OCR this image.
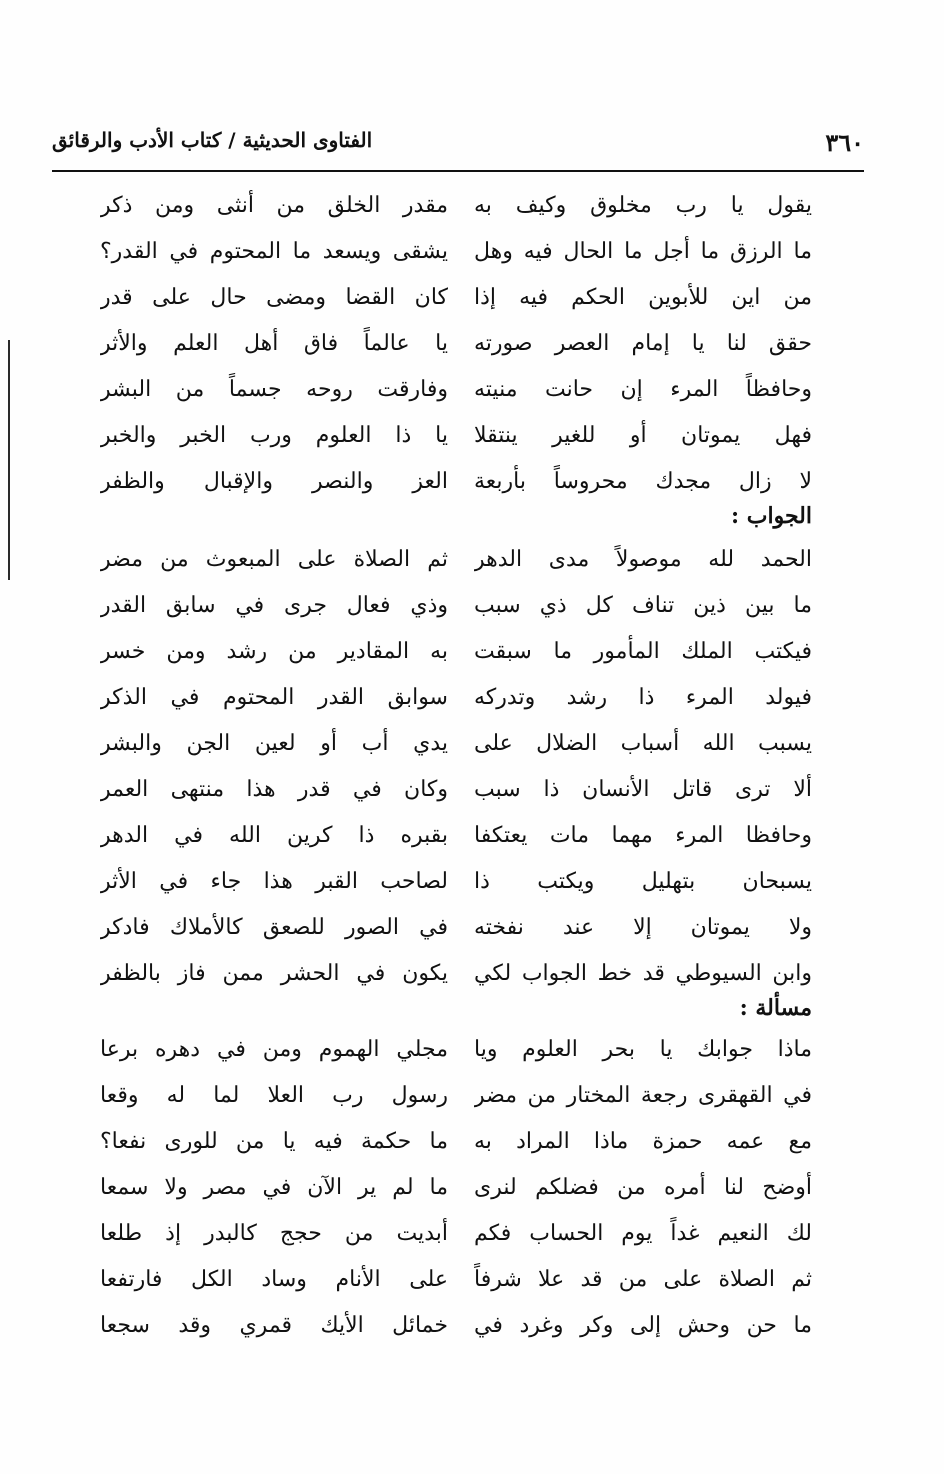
٣٦٠
الفتاوى الحديثية / كتاب الأدب والرقائق
يقول يا رب مخلوق وكيف به
مقدر الخلق من أنثى ومن ذكر
ما الرزق ما أجل ما الحال فيه وهل
يشقى ويسعد ما المحتوم في القدر؟
من اين للأبوين الحكم فيه إذا
كان القضا ومضى حال على قدر
حقق لنا يا إمام العصر صورته
يا عالماً فاق أهل العلم والأثر
وحافظاً المرء إن حانت منيته
وفارقت روحه جسماً من البشر
فهل يموتان أو للغير ينتقلا
يا ذا العلوم ورب الخبر والخبر
لا زال مجدك محروساً بأربعة
العز والنصر والإقبال والظفر
الجواب :
الحمد لله موصولاً مدى الدهر
ثم الصلاة على المبعوث من مضر
ما بين ذين تناف كل ذي سبب
وذي فعال جرى في سابق القدر
فيكتب الملك المأمور ما سبقت
به المقادير من رشد ومن خسر
فيولد المرء ذا رشد وتدركه
سوابق القدر المحتوم في الذكر
يسبب الله أسباب الضلال على
يدي أب أو لعين الجن والبشر
ألا ترى قاتل الأنسان ذا سبب
وكان في قدر هذا منتهى العمر
وحافظا المرء مهما مات يعتكفا
بقبره ذا كرين الله في الدهر
يسبحان بتهليل ويكتب ذا
لصاحب القبر هذا جاء في الأثر
ولا يموتان إلا عند نفخته
في الصور للصعق كالأملاك فادكر
وابن السيوطي قد خط الجواب لكي
يكون في الحشر ممن فاز بالظفر
مسألة :
ماذا جوابك يا بحر العلوم ويا
مجلي الهموم ومن في دهره برعا
في القهقرى رجعة المختار من مضر
رسول رب العلا لما له وقعا
مع عمه حمزة ماذا المراد به
ما حكمة فيه يا من للورى نفعا؟
أوضح لنا أمره من فضلكم لنرى
ما لم ير الآن في مصر ولا سمعا
لك النعيم غداً يوم الحساب فكم
أبديت من حجج كالبدر إذ طلعا
ثم الصلاة على من قد علا شرفاً
على الأنام وساد الكل فارتفعا
ما حن وحش إلى وكر وغرد في
خمائل الأيك قمري وقد سجعا
